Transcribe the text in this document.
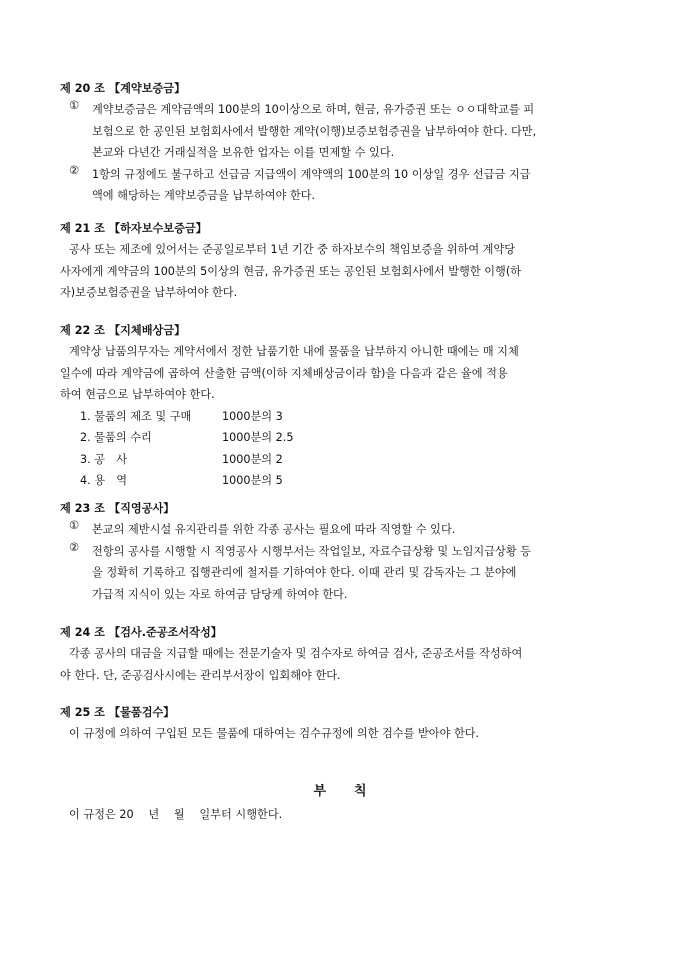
제 20 조 【계약보증금】
①	계약보증금은 계약금액의 100분의 10이상으로 하며, 현금, 유가증권 또는 ㅇㅇ대학교를 피
보험으로 한 공인된 보험회사에서 발행한 계약(이행)보증보험증권을 납부하여야 한다. 다만,
본교와 다년간 거래실적을 보유한 업자는 이를 면제할 수 있다.
②	1항의 규정에도 불구하고 선급금 지급액이 계약액의 100분의 10 이상일 경우 선급금 지급
액에 해당하는 계약보증금을 납부하여야 한다.
제 21 조 【하자보수보증금】
공사 또는 제조에 있어서는 준공일로부터 1년 기간 중 하자보수의 책임보증을 위하여 계약당
사자에게 계약금의 100분의 5이상의 현금, 유가증권 또는 공인된 보험회사에서 발행한 이행(하
자)보증보험증권을 납부하여야 한다.
제 22 조 【지체배상금】
계약상 납품의무자는 계약서에서 정한 납품기한 내에 물품을 납부하지 아니한 때에는 매 지체
일수에 따라 계약금에 곱하여 산출한 금액(이하 지체배상금이라 함)을 다음과 같은 율에 적용
하여 현금으로 납부하여야 한다.
1. 물품의 제조 및 구매	1000분의 3
2. 물품의 수리	1000분의 2.5
3. 공　사	1000분의 2
4. 용　역	1000분의 5
제 23 조 【직영공사】
①	본교의 제반시설 유지관리를 위한 각종 공사는 필요에 따라 직영할 수 있다.
②	전항의 공사를 시행할 시 직영공사 시행부서는 작업일보, 자료수급상황 및 노임지급상황 등
을 정확히 기록하고 집행관리에 철저를 기하여야 한다. 이때 관리 및 감독자는 그 분야에
가급적 지식이 있는 자로 하여금 담당케 하여야 한다.
제 24 조 【검사.준공조서작성】
각종 공사의 대금을 지급할 때에는 전문기술자 및 검수자로 하여금 검사, 준공조서를 작성하여
야 한다. 단, 준공검사시에는 관리부서장이 입회해야 한다.
제 25 조 【물품검수】
이 규정에 의하여 구입된 모든 물품에 대하여는 검수규정에 의한 검수를 받아야 한다.
부 칙
이 규정은 20　 년　 월　 일부터 시행한다.
